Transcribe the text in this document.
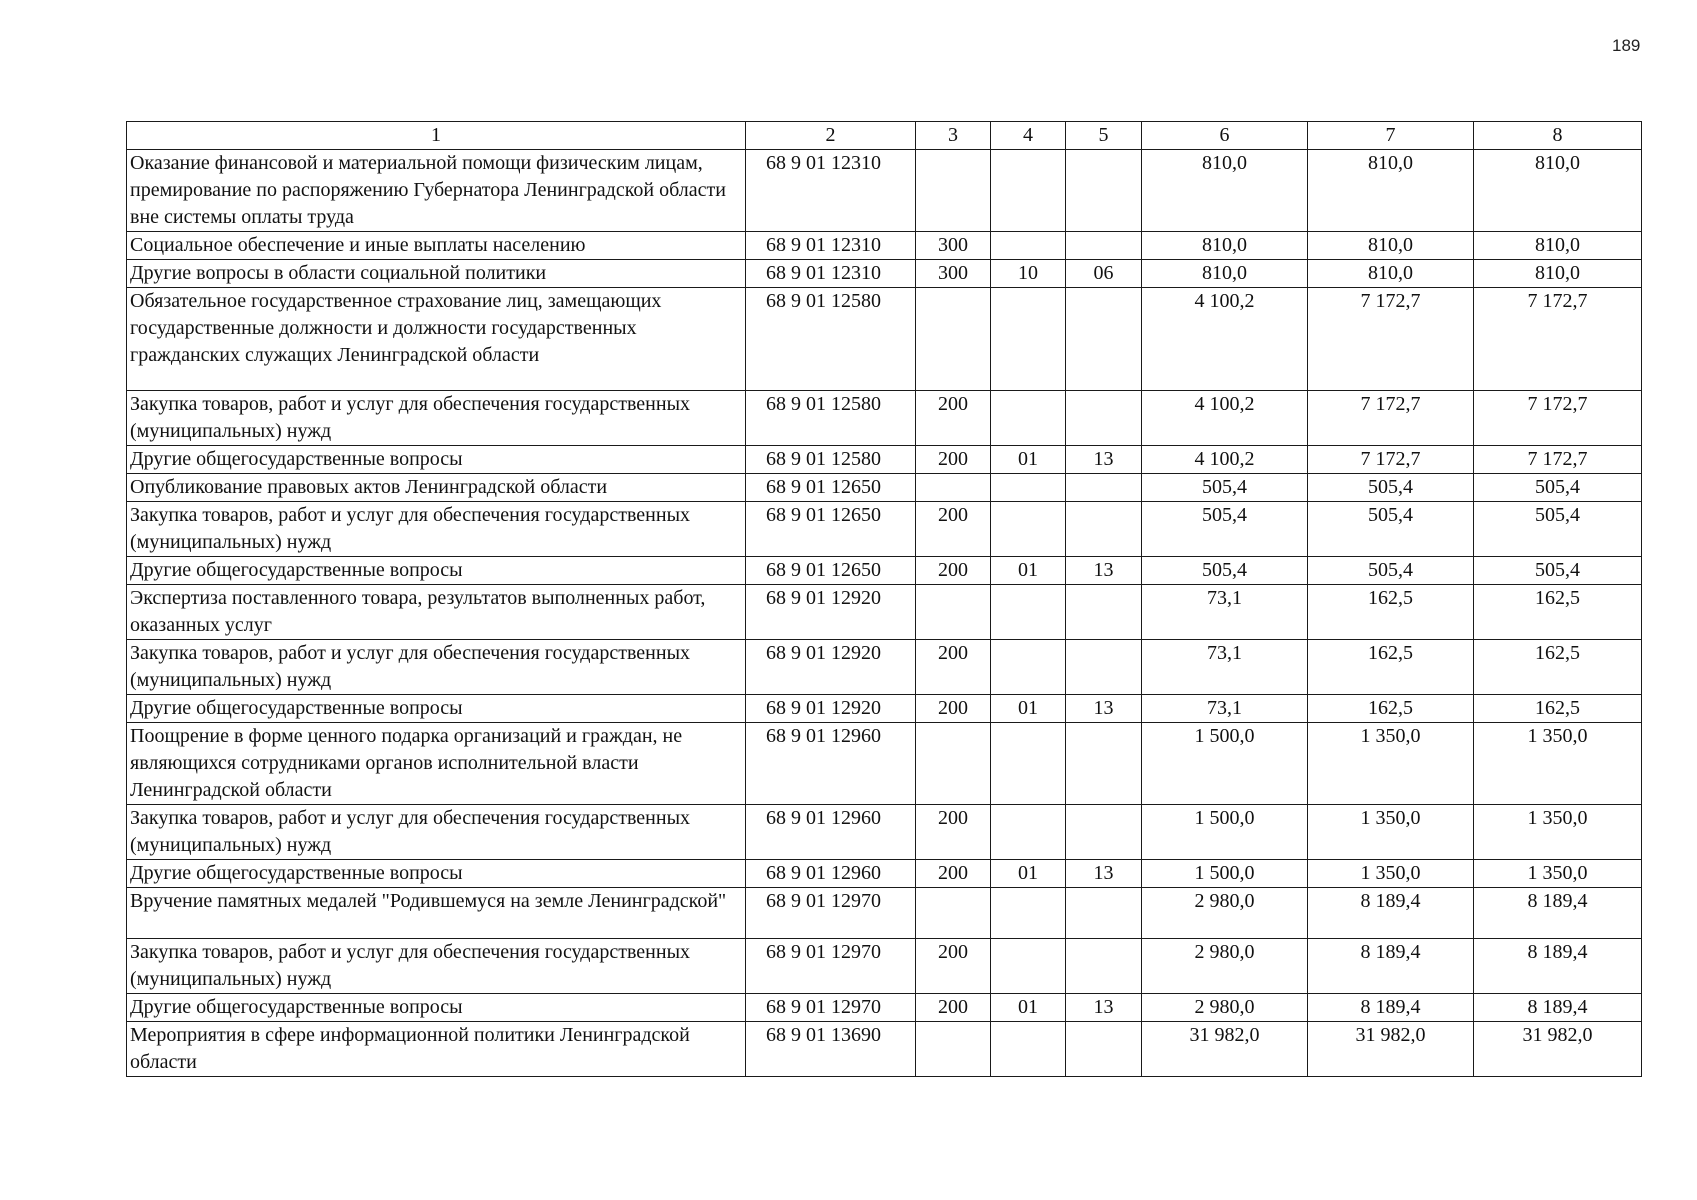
189
1	2	3	4	5	6	7	8
Оказание финансовой и материальной помощи физическим лицам, премирование по распоряжению Губернатора Ленинградской области вне системы оплаты труда	68 9 01 12310				810,0	810,0	810,0
Социальное обеспечение и иные выплаты населению	68 9 01 12310	300			810,0	810,0	810,0
Другие вопросы в области социальной политики	68 9 01 12310	300	10	06	810,0	810,0	810,0
Обязательное государственное страхование лиц, замещающих государственные должности и должности государственных гражданских служащих Ленинградской области	68 9 01 12580				4 100,2	7 172,7	7 172,7
Закупка товаров, работ и услуг для обеспечения государственных (муниципальных) нужд	68 9 01 12580	200			4 100,2	7 172,7	7 172,7
Другие общегосударственные вопросы	68 9 01 12580	200	01	13	4 100,2	7 172,7	7 172,7
Опубликование правовых актов Ленинградской области	68 9 01 12650				505,4	505,4	505,4
Закупка товаров, работ и услуг для обеспечения государственных (муниципальных) нужд	68 9 01 12650	200			505,4	505,4	505,4
Другие общегосударственные вопросы	68 9 01 12650	200	01	13	505,4	505,4	505,4
Экспертиза поставленного товара, результатов выполненных работ, оказанных услуг	68 9 01 12920				73,1	162,5	162,5
Закупка товаров, работ и услуг для обеспечения государственных (муниципальных) нужд	68 9 01 12920	200			73,1	162,5	162,5
Другие общегосударственные вопросы	68 9 01 12920	200	01	13	73,1	162,5	162,5
Поощрение в форме ценного подарка организаций и граждан, не являющихся сотрудниками органов исполнительной власти Ленинградской области	68 9 01 12960				1 500,0	1 350,0	1 350,0
Закупка товаров, работ и услуг для обеспечения государственных (муниципальных) нужд	68 9 01 12960	200			1 500,0	1 350,0	1 350,0
Другие общегосударственные вопросы	68 9 01 12960	200	01	13	1 500,0	1 350,0	1 350,0
Вручение памятных медалей "Родившемуся на земле Ленинградской"	68 9 01 12970				2 980,0	8 189,4	8 189,4
Закупка товаров, работ и услуг для обеспечения государственных (муниципальных) нужд	68 9 01 12970	200			2 980,0	8 189,4	8 189,4
Другие общегосударственные вопросы	68 9 01 12970	200	01	13	2 980,0	8 189,4	8 189,4
Мероприятия в сфере информационной политики Ленинградской области	68 9 01 13690				31 982,0	31 982,0	31 982,0
